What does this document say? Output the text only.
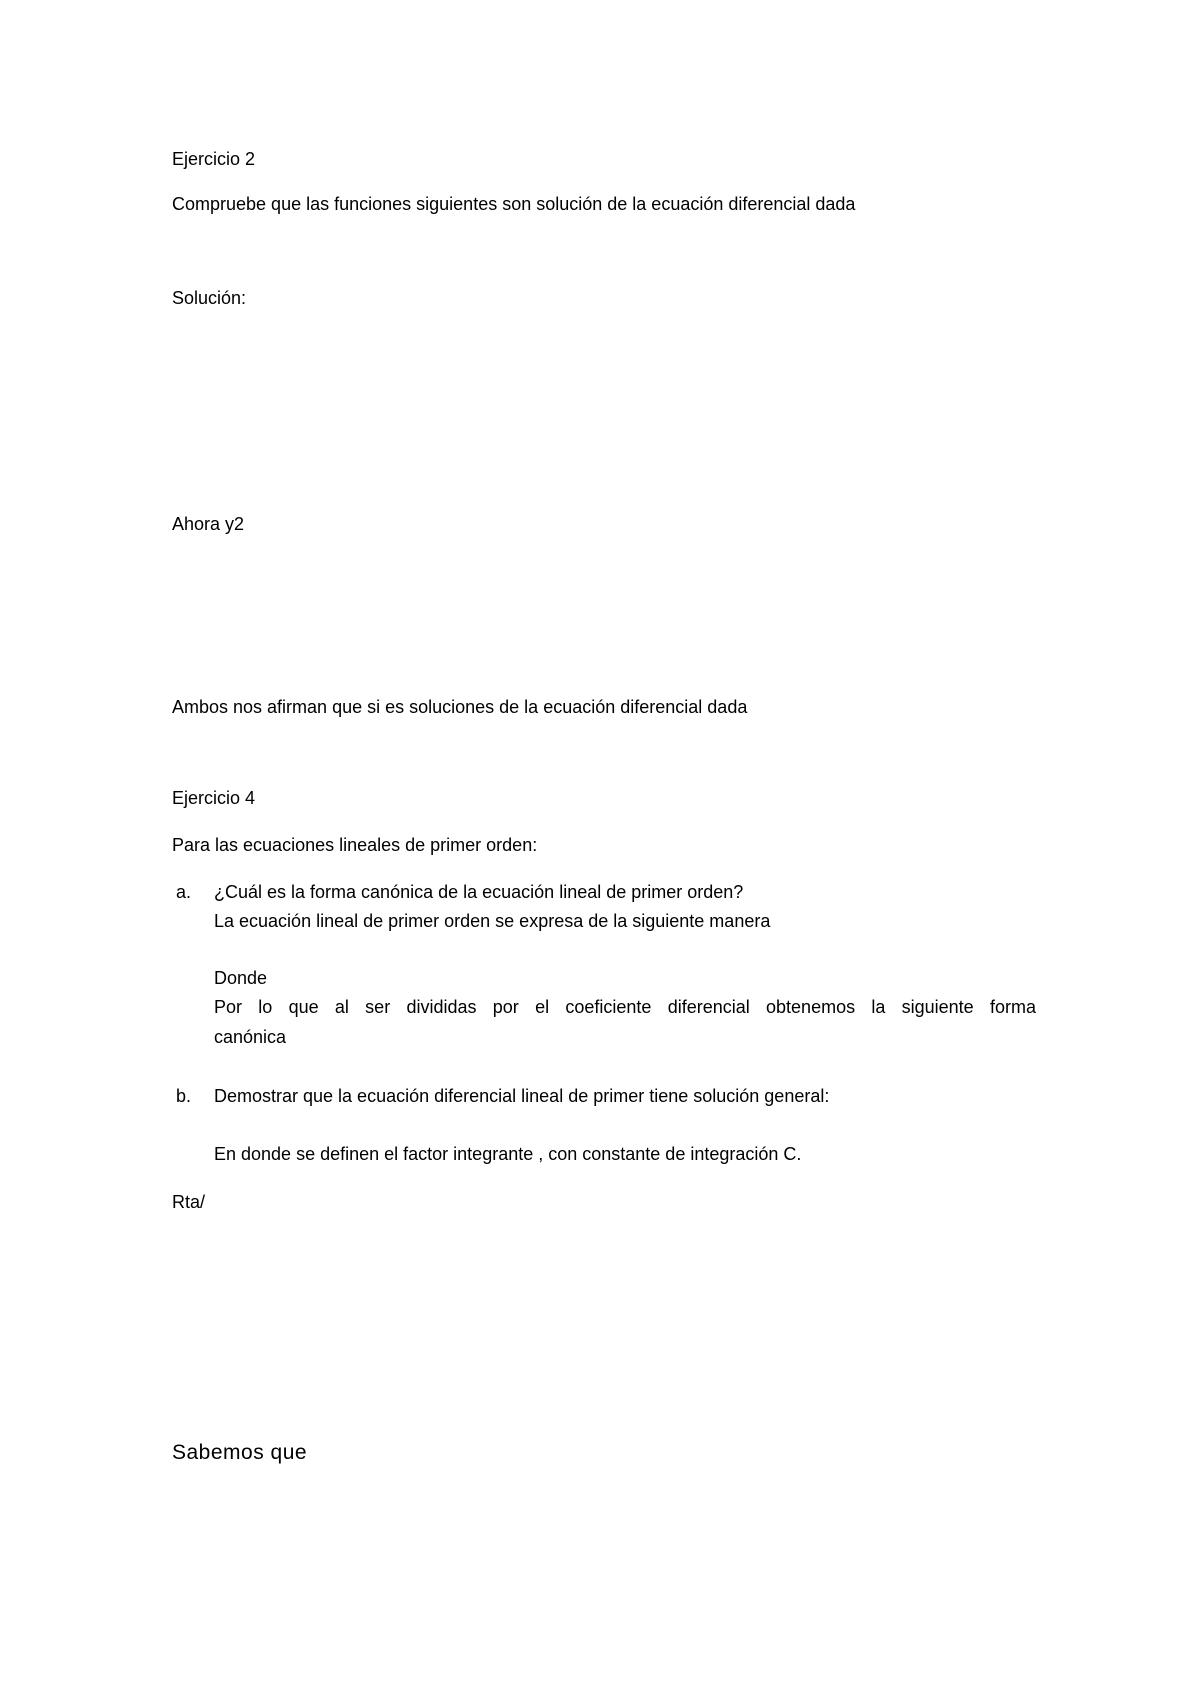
Ejercicio 2
Compruebe que las funciones siguientes son solución de la ecuación diferencial dada
Solución:
Ahora y2
Ambos nos afirman que si es soluciones de la ecuación diferencial dada
Ejercicio 4
Para las ecuaciones lineales de primer orden:
a. ¿Cuál es la forma canónica de la ecuación lineal de primer orden?
La ecuación lineal de primer orden se expresa de la siguiente manera
Donde
Por lo que al ser divididas por el coeficiente diferencial obtenemos la siguiente forma
canónica
b. Demostrar que la ecuación diferencial lineal de primer tiene solución general:
En donde se definen el factor integrante , con constante de integración C.
Rta/
Sabemos que
